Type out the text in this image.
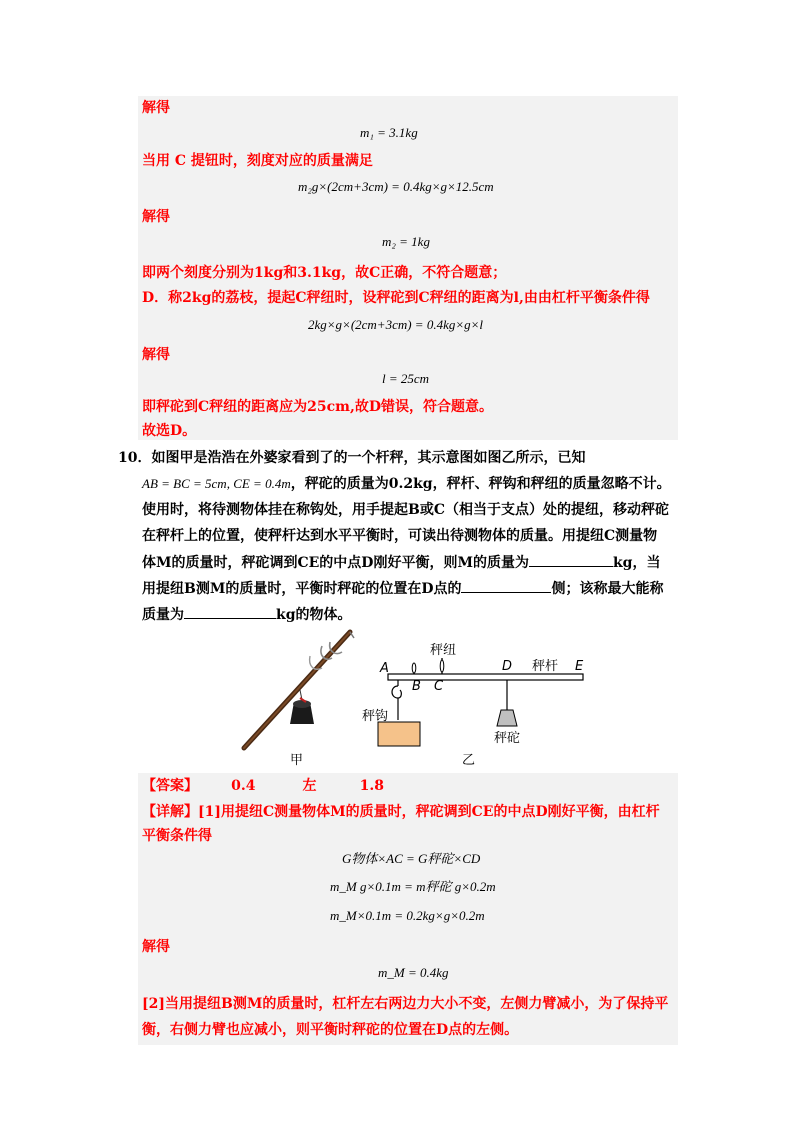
解得
m₁ = 3.1kg
当用 C 提钮时，刻度对应的质量满足
m₂g×(2cm+3cm) = 0.4kg×g×12.5cm
解得
m₂ = 1kg
即两个刻度分别为1kg和3.1kg，故C正确，不符合题意；
D．称2kg的荔枝，提起C秤纽时，设秤砣到C秤纽的距离为l,由由杠杆平衡条件得
2kg×g×(2cm+3cm) = 0.4kg×g×l
解得
l = 25cm
即秤砣到C秤纽的距离应为25cm,故D错误，符合题意。
故选D。
10．如图甲是浩浩在外婆家看到了的一个杆秤，其示意图如图乙所示，已知
AB = BC = 5cm, CE = 0.4m，秤砣的质量为0.2kg，秤杆、秤钩和秤纽的质量忽略不计。
使用时，将待测物体挂在称钩处，用手提起B或C（相当于支点）处的提纽，移动秤砣
在秤杆上的位置，使秤杆达到水平平衡时，可读出待测物体的质量。用提纽C测量物
体M的质量时，秤砣调到CE的中点D刚好平衡，则M的质量为	kg，当
用提纽B测M的质量时，平衡时秤砣的位置在D点的	侧；该称最大能称
质量为	kg的物体。
甲
A
B C
D	E
秤纽
秤杆
秤钩
秤砣
乙
【答案】 0.4	左	1.8
【详解】[1]用提纽C测量物体M的质量时，秤砣调到CE的中点D刚好平衡，由杠杆
平衡条件得
G物体×AC = G秤砣×CD
m_M g×0.1m = m秤砣 g×0.2m
m_M×0.1m = 0.2kg×g×0.2m
解得
m_M = 0.4kg
[2]当用提纽B测M的质量时，杠杆左右两边力大小不变，左侧力臂减小，为了保持平
衡，右侧力臂也应减小，则平衡时秤砣的位置在D点的左侧。
